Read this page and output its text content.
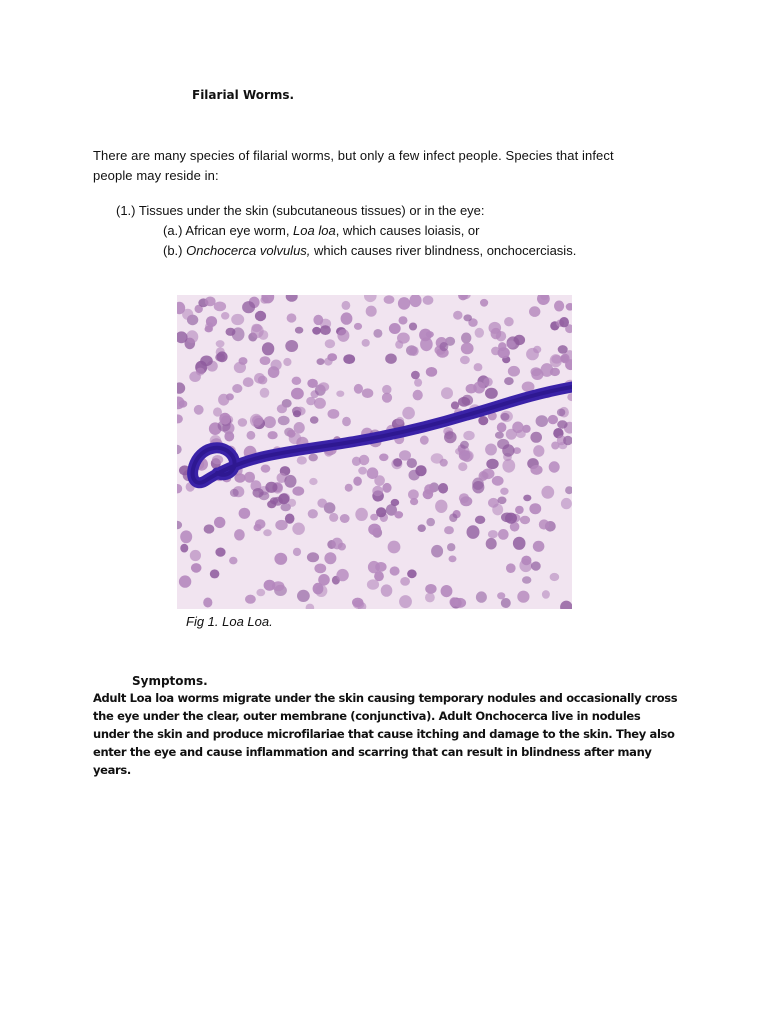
Filarial Worms.
There are many species of filarial worms, but only a few infect people. Species that infect people may reside in:
(1.) Tissues under the skin (subcutaneous tissues) or in the eye:
(a.) African eye worm, Loa loa, which causes loiasis, or
(b.) Onchocerca volvulus, which causes river blindness, onchocerciasis.
Fig 1. Loa Loa.
Symptoms.
Adult Loa loa worms migrate under the skin causing temporary nodules and occasionally cross the eye under the clear, outer membrane (conjunctiva). Adult Onchocerca live in nodules under the skin and produce microfilariae that cause itching and damage to the skin. They also enter the eye and cause inflammation and scarring that can result in blindness after many years.
